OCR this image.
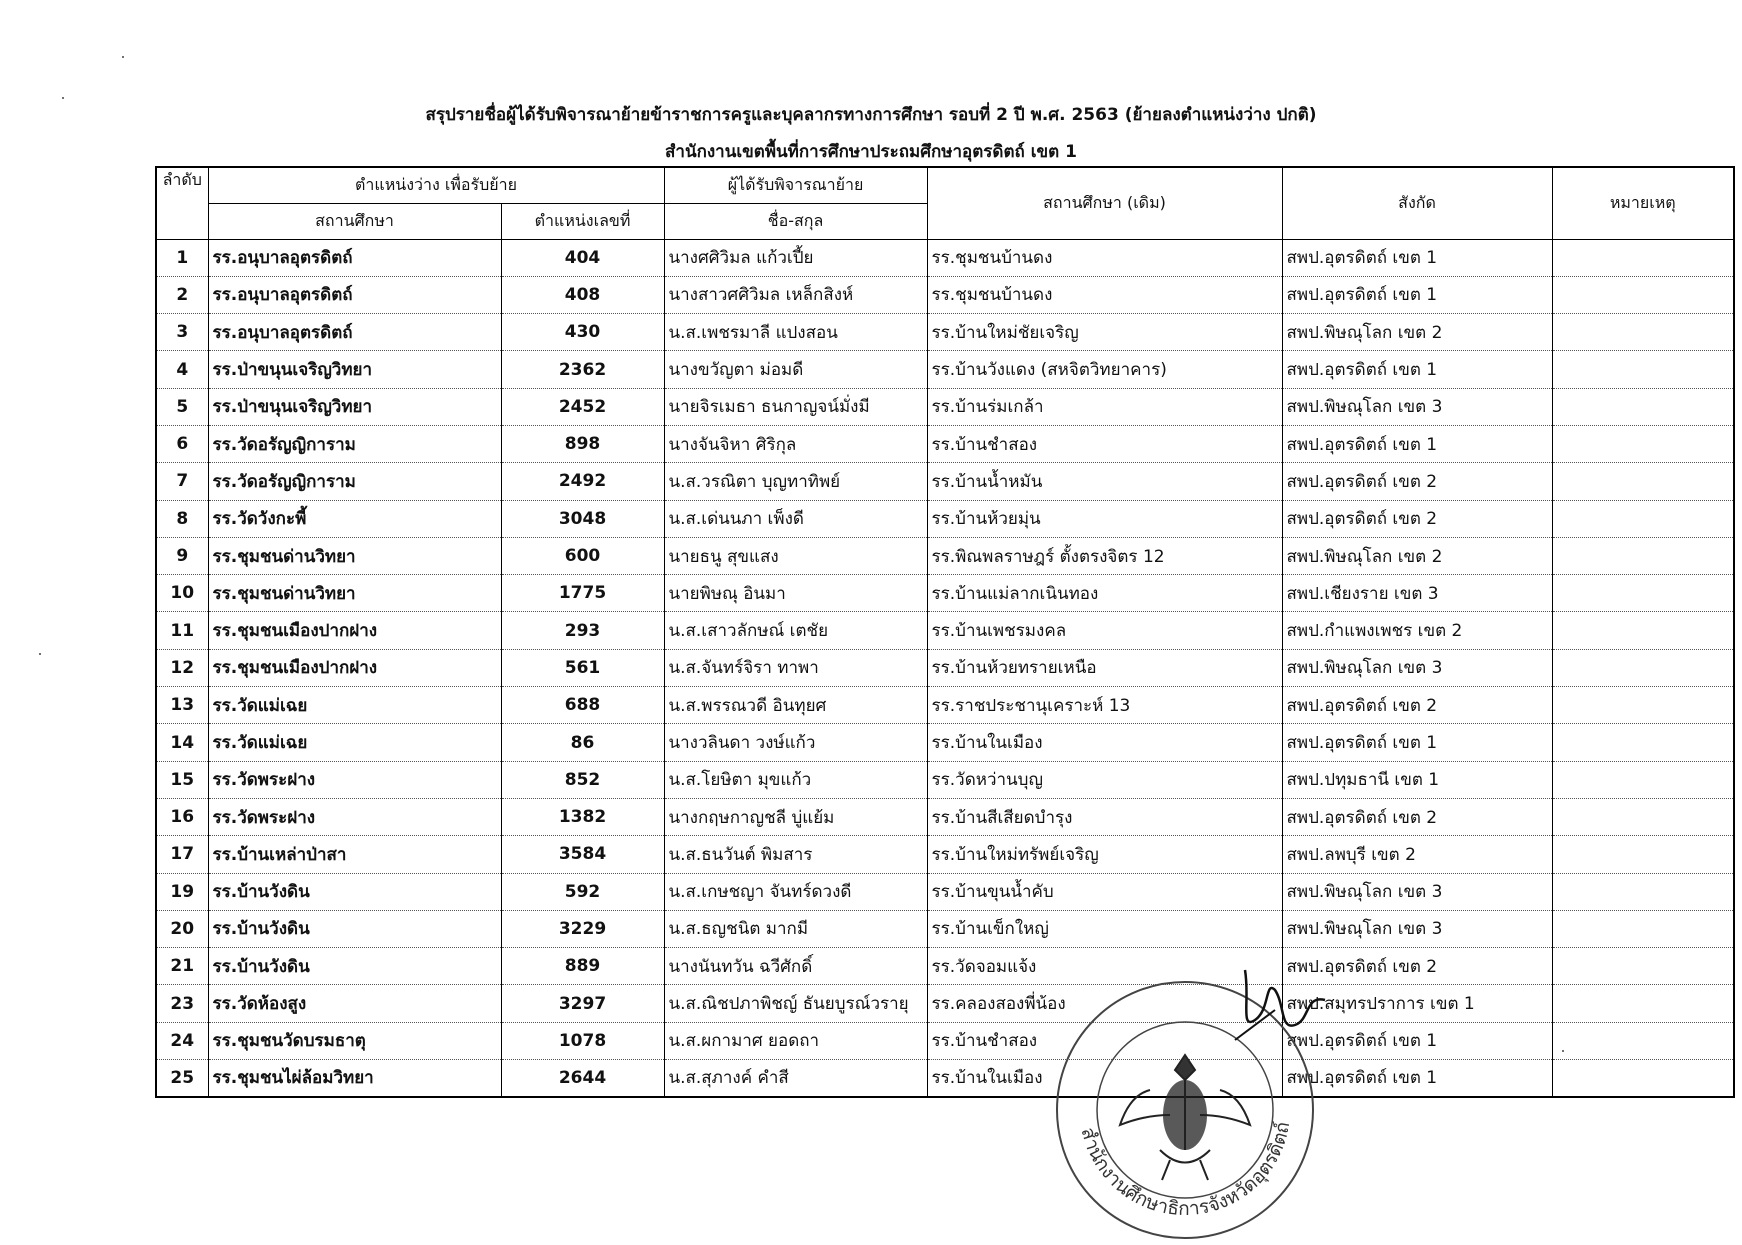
สรุปรายชื่อผู้ได้รับพิจารณาย้ายข้าราชการครูและบุคลากรทางการศึกษา รอบที่ 2 ปี พ.ศ. 2563 (ย้ายลงตำแหน่งว่าง ปกติ)
สำนักงานเขตพื้นที่การศึกษาประถมศึกษาอุตรดิตถ์ เขต 1
ลำดับ	ตำแหน่งว่าง เพื่อรับย้าย		ผู้ได้รับพิจารณาย้าย	สถานศึกษา (เดิม)	สังกัด	หมายเหตุ
	สถานศึกษา	ตำแหน่งเลขที่	ชื่อ-สกุล			
1	รร.อนุบาลอุตรดิตถ์	404	นางศศิวิมล แก้วเปี้ย	รร.ชุมชนบ้านดง	สพป.อุตรดิตถ์ เขต 1	
2	รร.อนุบาลอุตรดิตถ์	408	นางสาวศศิวิมล เหล็กสิงห์	รร.ชุมชนบ้านดง	สพป.อุตรดิตถ์ เขต 1	
3	รร.อนุบาลอุตรดิตถ์	430	น.ส.เพชรมาลี แปงสอน	รร.บ้านใหม่ชัยเจริญ	สพป.พิษณุโลก เขต 2	
4	รร.ป่าขนุนเจริญวิทยา	2362	นางขวัญตา ม่อมดี	รร.บ้านวังแดง (สหจิตวิทยาคาร)	สพป.อุตรดิตถ์ เขต 1	
5	รร.ป่าขนุนเจริญวิทยา	2452	นายจิรเมธา ธนกาญจน์มั่งมี	รร.บ้านร่มเกล้า	สพป.พิษณุโลก เขต 3	
6	รร.วัดอรัญญิการาม	898	นางจันจิหา ศิริกุล	รร.บ้านชำสอง	สพป.อุตรดิตถ์ เขต 1	
7	รร.วัดอรัญญิการาม	2492	น.ส.วรณิตา บุญทาทิพย์	รร.บ้านน้ำหมัน	สพป.อุตรดิตถ์ เขต 2	
8	รร.วัดวังกะพี้	3048	น.ส.เด่นนภา เพ็งดี	รร.บ้านห้วยมุ่น	สพป.อุตรดิตถ์ เขต 2	
9	รร.ชุมชนด่านวิทยา	600	นายธนู สุขแสง	รร.พิณพลราษฎร์ ตั้งตรงจิตร 12	สพป.พิษณุโลก เขต 2	
10	รร.ชุมชนด่านวิทยา	1775	นายพิษณุ อินมา	รร.บ้านแม่ลากเนินทอง	สพป.เชียงราย เขต 3	
11	รร.ชุมชนเมืองปากฝาง	293	น.ส.เสาวลักษณ์ เตชัย	รร.บ้านเพชรมงคล	สพป.กำแพงเพชร เขต 2	
12	รร.ชุมชนเมืองปากฝาง	561	น.ส.จันทร์จิรา ทาพา	รร.บ้านห้วยทรายเหนือ	สพป.พิษณุโลก เขต 3	
13	รร.วัดแม่เฉย	688	น.ส.พรรณวดี อินทุยศ	รร.ราชประชานุเคราะห์ 13	สพป.อุตรดิตถ์ เขต 2	
14	รร.วัดแม่เฉย	86	นางวลินดา วงษ์แก้ว	รร.บ้านในเมือง	สพป.อุตรดิตถ์ เขต 1	
15	รร.วัดพระฝาง	852	น.ส.โยษิตา มุขแก้ว	รร.วัดหว่านบุญ	สพป.ปทุมธานี เขต 1	
16	รร.วัดพระฝาง	1382	นางกฤษกาญชลี บู่แย้ม	รร.บ้านสีเสียดบำรุง	สพป.อุตรดิตถ์ เขต 2	
17	รร.บ้านเหล่าป่าสา	3584	น.ส.ธนวันต์ พิมสาร	รร.บ้านใหม่ทรัพย์เจริญ	สพป.ลพบุรี เขต 2	
19	รร.บ้านวังดิน	592	น.ส.เกษชญา จันทร์ดวงดี	รร.บ้านขุนน้ำคับ	สพป.พิษณุโลก เขต 3	
20	รร.บ้านวังดิน	3229	น.ส.ธญชนิต มากมี	รร.บ้านเข็กใหญ่	สพป.พิษณุโลก เขต 3	
21	รร.บ้านวังดิน	889	นางนันทวัน ฉวีศักดิ์	รร.วัดจอมแจ้ง	สพป.อุตรดิตถ์ เขต 2	
23	รร.วัดห้องสูง	3297	น.ส.ณิชปภาพิชญ์ ธันยบูรณ์วรายุ	รร.คลองสองพี่น้อง	สพป.สมุทรปราการ เขต 1	
24	รร.ชุมชนวัดบรมธาตุ	1078	น.ส.ผกามาศ ยอดถา	รร.บ้านชำสอง	สพป.อุตรดิตถ์ เขต 1	
25	รร.ชุมชนไผ่ล้อมวิทยา	2644	น.ส.สุภางค์ คำสี	รร.บ้านในเมือง	สพป.อุตรดิตถ์ เขต 1	
สำนักงานศึกษาธิการจังหวัดอุตรดิตถ์
